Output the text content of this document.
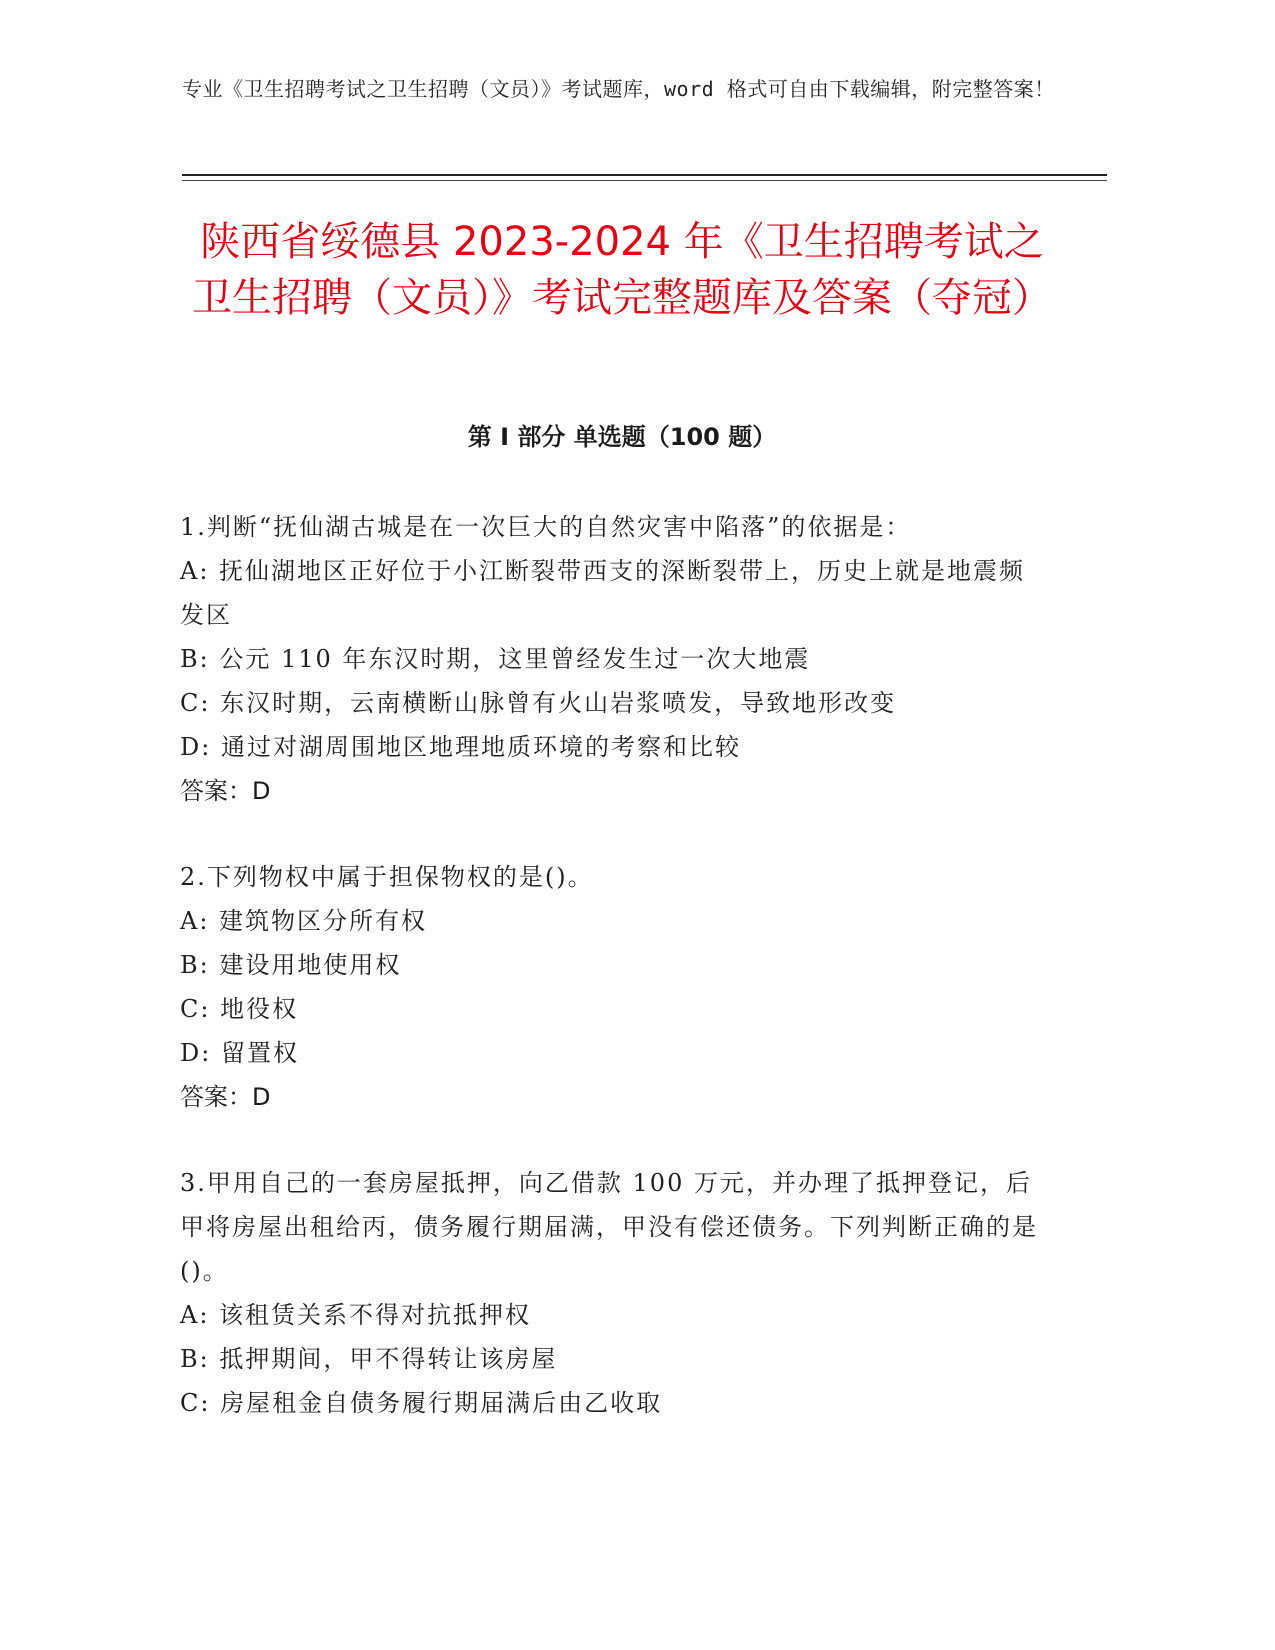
专业《卫生招聘考试之卫生招聘（文员）》考试题库，word 格式可自由下载编辑，附完整答案！
陕西省绥德县 2023-2024 年《卫生招聘考试之卫生招聘（文员）》考试完整题库及答案（夺冠）
第 I 部分 单选题（100 题）

1.判断“抚仙湖古城是在一次巨大的自然灾害中陷落”的依据是：

A: 抚仙湖地区正好位于小江断裂带西支的深断裂带上，历史上就是地震频发区

B: 公元 110 年东汉时期，这里曾经发生过一次大地震

C: 东汉时期，云南横断山脉曾有火山岩浆喷发，导致地形改变

D: 通过对湖周围地区地理地质环境的考察和比较

答案：D

2.下列物权中属于担保物权的是()。

A: 建筑物区分所有权

B: 建设用地使用权

C: 地役权

D: 留置权

答案：D

3.甲用自己的一套房屋抵押，向乙借款 100 万元，并办理了抵押登记，后甲将房屋出租给丙，债务履行期届满，甲没有偿还债务。下列判断正确的是()。

A: 该租赁关系不得对抗抵押权

B: 抵押期间，甲不得转让该房屋

C: 房屋租金自债务履行期届满后由乙收取
